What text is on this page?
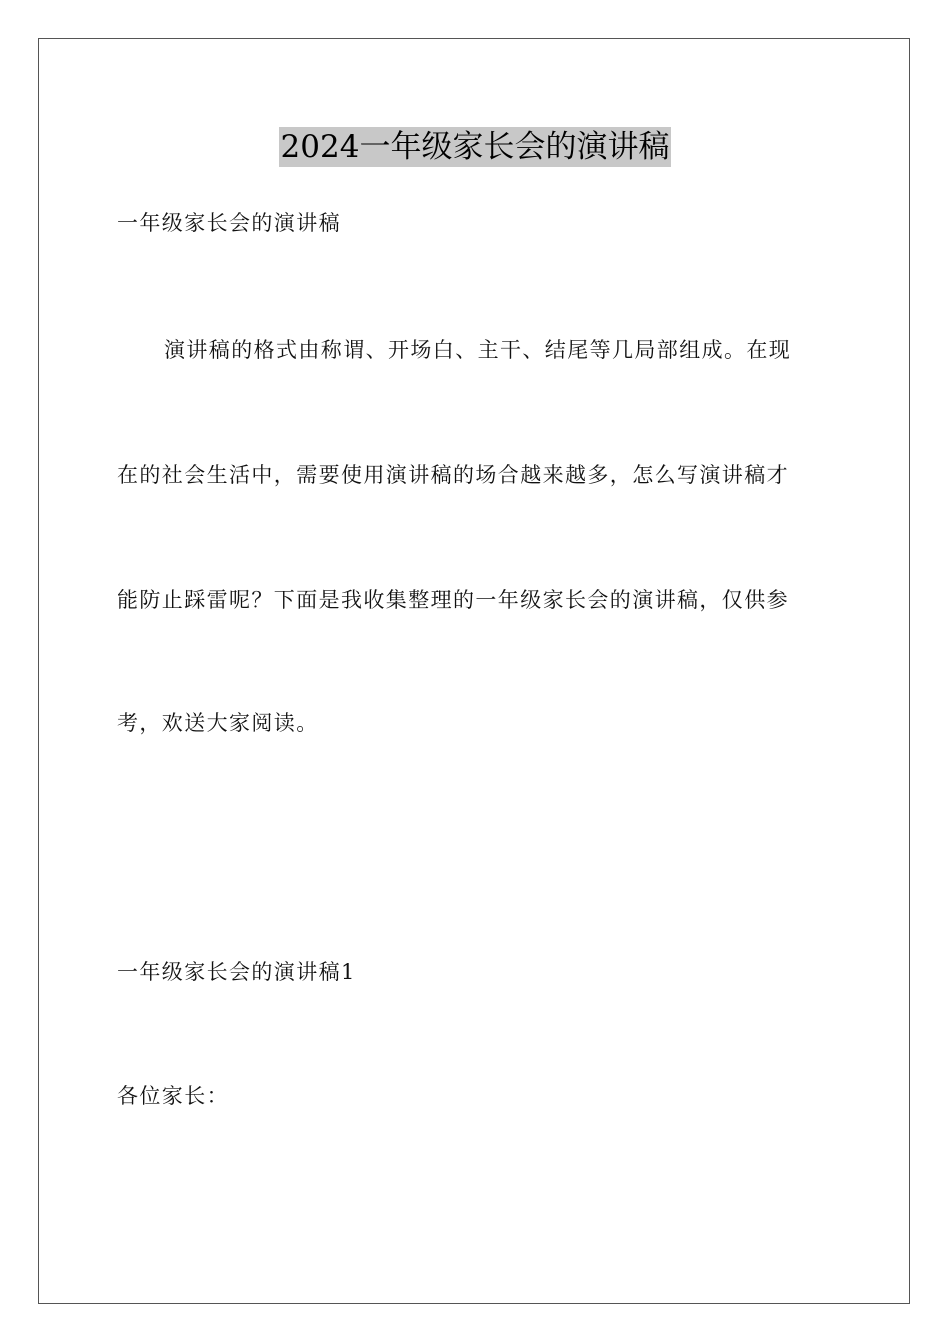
2024一年级家长会的演讲稿
一年级家长会的演讲稿
演讲稿的格式由称谓、开场白、主干、结尾等几局部组成。在现
在的社会生活中，需要使用演讲稿的场合越来越多，怎么写演讲稿才
能防止踩雷呢？下面是我收集整理的一年级家长会的演讲稿，仅供参
考，欢送大家阅读。
一年级家长会的演讲稿1
各位家长：
